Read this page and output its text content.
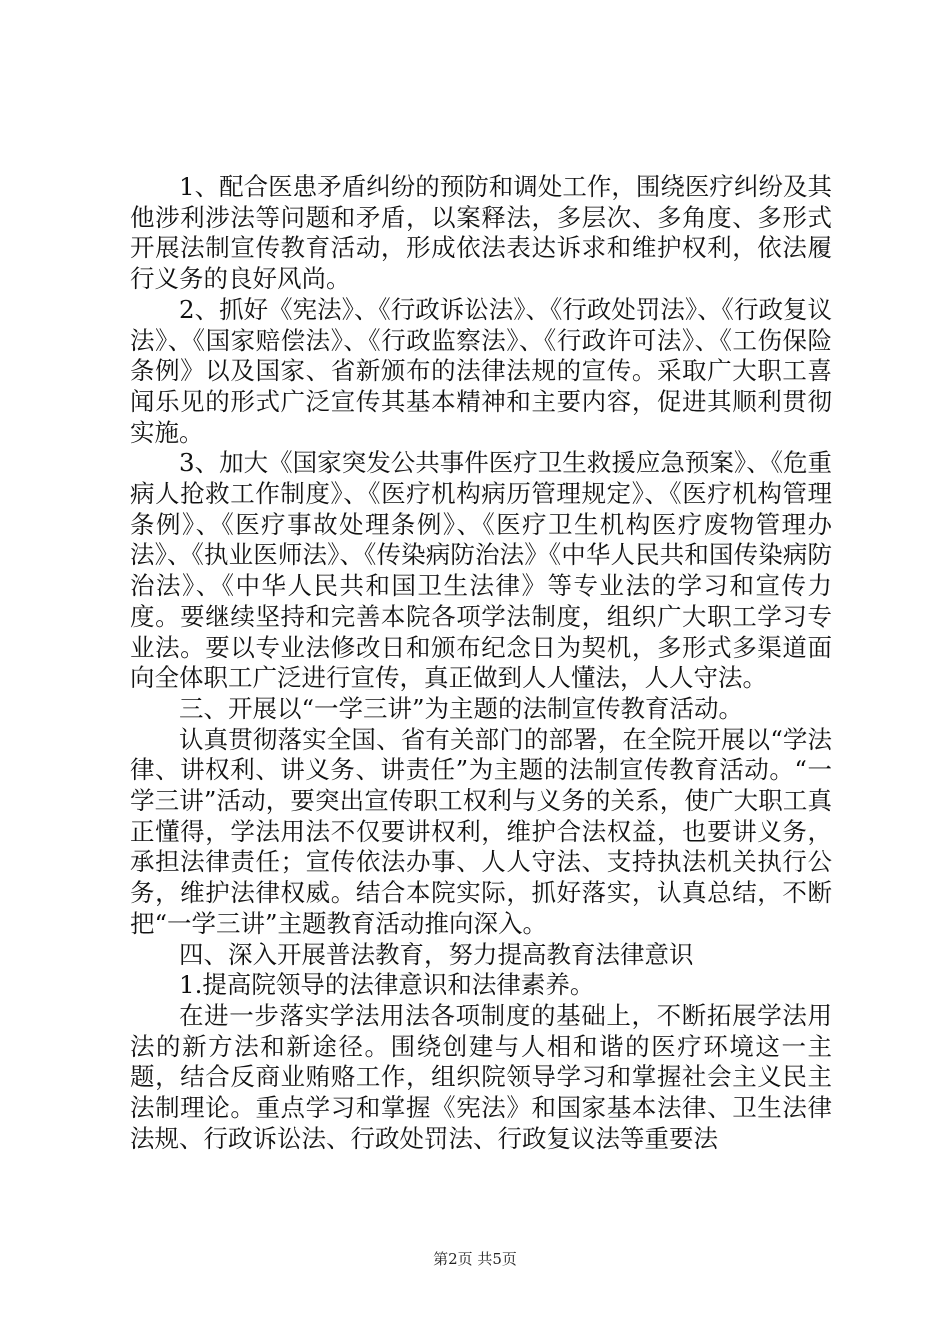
1、配合医患矛盾纠纷的预防和调处工作，围绕医疗纠纷及其他涉利涉法等问题和矛盾，以案释法，多层次、多角度、多形式开展法制宣传教育活动，形成依法表达诉求和维护权利，依法履行义务的良好风尚。

2、抓好《宪法》、《行政诉讼法》、《行政处罚法》、《行政复议法》、《国家赔偿法》、《行政监察法》、《行政许可法》、《工伤保险条例》以及国家、省新颁布的法律法规的宣传。采取广大职工喜闻乐见的形式广泛宣传其基本精神和主要内容，促进其顺利贯彻实施。

3、加大《国家突发公共事件医疗卫生救援应急预案》、《危重病人抢救工作制度》、《医疗机构病历管理规定》、《医疗机构管理条例》、《医疗事故处理条例》、《医疗卫生机构医疗废物管理办法》、《执业医师法》、《传染病防治法》《中华人民共和国传染病防治法》、《中华人民共和国卫生法律》等专业法的学习和宣传力度。要继续坚持和完善本院各项学法制度，组织广大职工学习专业法。要以专业法修改日和颁布纪念日为契机，多形式多渠道面向全体职工广泛进行宣传，真正做到人人懂法，人人守法。

三、开展以“一学三讲”为主题的法制宣传教育活动。

认真贯彻落实全国、省有关部门的部署，在全院开展以“学法律、讲权利、讲义务、讲责任”为主题的法制宣传教育活动。“一学三讲”活动，要突出宣传职工权利与义务的关系，使广大职工真正懂得，学法用法不仅要讲权利，维护合法权益，也要讲义务，承担法律责任；宣传依法办事、人人守法、支持执法机关执行公务，维护法律权威。结合本院实际，抓好落实，认真总结，不断把“一学三讲”主题教育活动推向深入。

四、深入开展普法教育，努力提高教育法律意识

1.提高院领导的法律意识和法律素养。

在进一步落实学法用法各项制度的基础上，不断拓展学法用法的新方法和新途径。围绕创建与人相和谐的医疗环境这一主题，结合反商业贿赂工作，组织院领导学习和掌握社会主义民主法制理论。重点学习和掌握《宪法》和国家基本法律、卫生法律法规、行政诉讼法、行政处罚法、行政复议法等重要法

第2页 共5页
